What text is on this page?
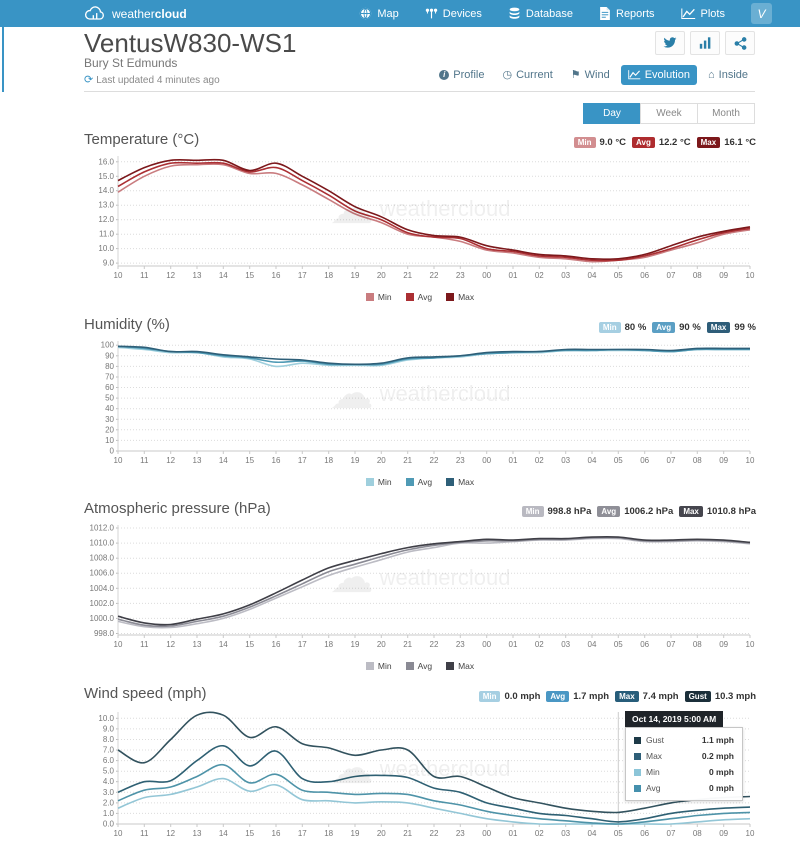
weather cloud	Map	Devices	Database	Reports	Plots	V
VentusW830-WS1
Bury St Edmunds
⟳ Last updated 4 minutes ago
i Profile ◷ Current ⚑ Wind	Evolution ⌂ Inside
Day	Week	Month
Temperature (°C)	Min 9.0 °C	Avg 12.2 °C	Max 16.1 °C
9.0
10.0
11.0
12.0
13.0
14.0
15.0
16.0
10 11 12 13 14 15 16 17 18 19 20 21 22 23 00 01 02 03 04 05 06 07 08 09 10
☁ weathercloud
Min	Avg	Max
Humidity (%)	Min 80 %	Avg 90 %	Max 99 %
0
10
20
30
40
50
60
70
80
90
100
10 11 12 13 14 15 16 17 18 19 20 21 22 23 00 01 02 03 04 05 06 07 08 09 10
☁ weathercloud
Min	Avg	Max
Atmospheric pressure (hPa)	Min 998.8 hPa	Avg 1006.2 hPa	Max 1010.8 hPa
998.0
1000.0
1002.0
1004.0
1006.0
1008.0
1010.0
1012.0
10 11 12 13 14 15 16 17 18 19 20 21 22 23 00 01 02 03 04 05 06 07 08 09 10
☁ weathercloud
Min	Avg	Max
Wind speed (mph)	Min 0.0 mph	Avg 1.7 mph	Max 7.4 mph	Gust 10.3 mph
0.0
1.0
2.0
3.0
4.0
5.0
6.0
7.0
8.0
9.0
10.0
10 11 12 13 14 15 16 17 18 19 20 21 22 23 00 01 02 03 04 05 06 07 08 09 10
☁ weathercloud
Oct 14, 2019 5:00 AM
Gust	1.1 mph
Max	0.2 mph
Min	0 mph
Avg	0 mph
